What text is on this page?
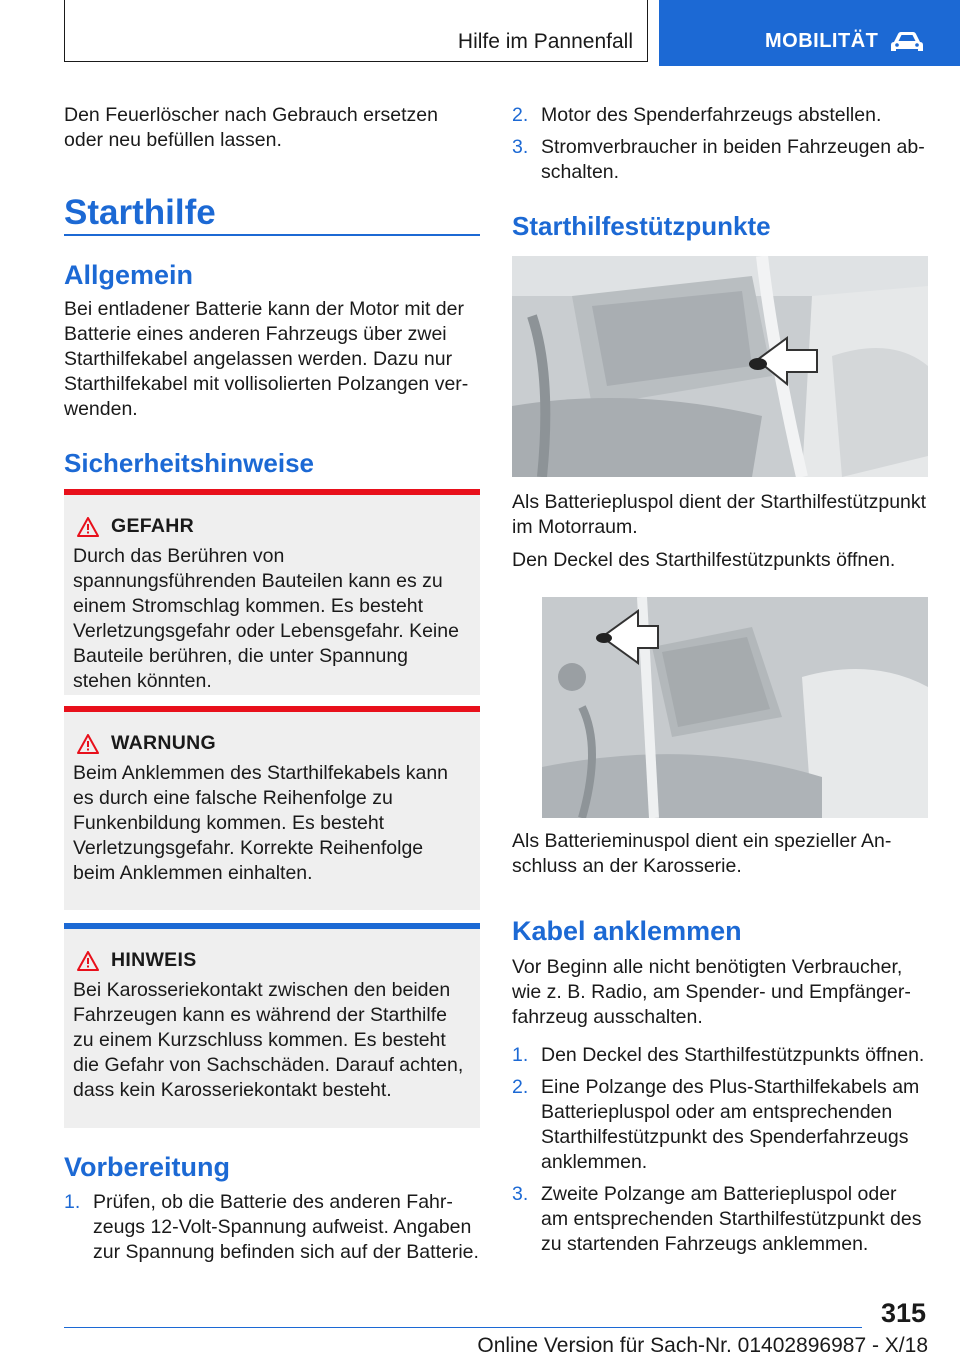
Hilfe im Pannenfall	MOBILITÄT

Den Feuerlöscher nach Gebrauch ersetzen oder neu befüllen lassen.

Starthilfe
Allgemein

Bei entladener Batterie kann der Motor mit der Batterie eines anderen Fahrzeugs über zwei Starthilfekabel angelassen werden. Dazu nur Starthilfekabel mit vollisolierten Polzangen verwenden.

Sicherheitshinweise
GEFAHR

Durch das Berühren von spannungsführenden Bauteilen kann es zu einem Stromschlag kommen. Es besteht Verletzungsgefahr oder Lebensgefahr. Keine Bauteile berühren, die unter Spannung stehen könnten.

WARNUNG

Beim Anklemmen des Starthilfekabels kann es durch eine falsche Reihenfolge zu Funkenbildung kommen. Es besteht Verletzungsgefahr. Korrekte Reihenfolge beim Anklemmen einhalten.

HINWEIS

Bei Karosseriekontakt zwischen den beiden Fahrzeugen kann es während der Starthilfe zu einem Kurzschluss kommen. Es besteht die Gefahr von Sachschäden. Darauf achten, dass kein Karosseriekontakt besteht.

Vorbereitung
1. Prüfen, ob die Batterie des anderen Fahrzeugs 12-Volt-Spannung aufweist. Angaben zur Spannung befinden sich auf der Batterie.
2. Motor des Spenderfahrzeugs abstellen.
3. Stromverbraucher in beiden Fahrzeugen abschalten.
Starthilfestützpunkte

Als Batteriepluspol dient der Starthilfestützpunkt im Motorraum.

Den Deckel des Starthilfestützpunkts öffnen.

Als Batterieminuspol dient ein spezieller Anschluss an der Karosserie.

Kabel anklemmen

Vor Beginn alle nicht benötigten Verbraucher, wie z. B. Radio, am Spender- und Empfängerfahrzeug ausschalten.

1. Den Deckel des Starthilfestützpunkts öffnen.
2. Eine Polzange des Plus-Starthilfekabels am Batteriepluspol oder am entsprechenden Starthilfestützpunkt des Spenderfahrzeugs anklemmen.
3. Zweite Polzange am Batteriepluspol oder am entsprechenden Starthilfestützpunkt des zu startenden Fahrzeugs anklemmen.
315
Online Version für Sach-Nr. 01402896987 - X/18
